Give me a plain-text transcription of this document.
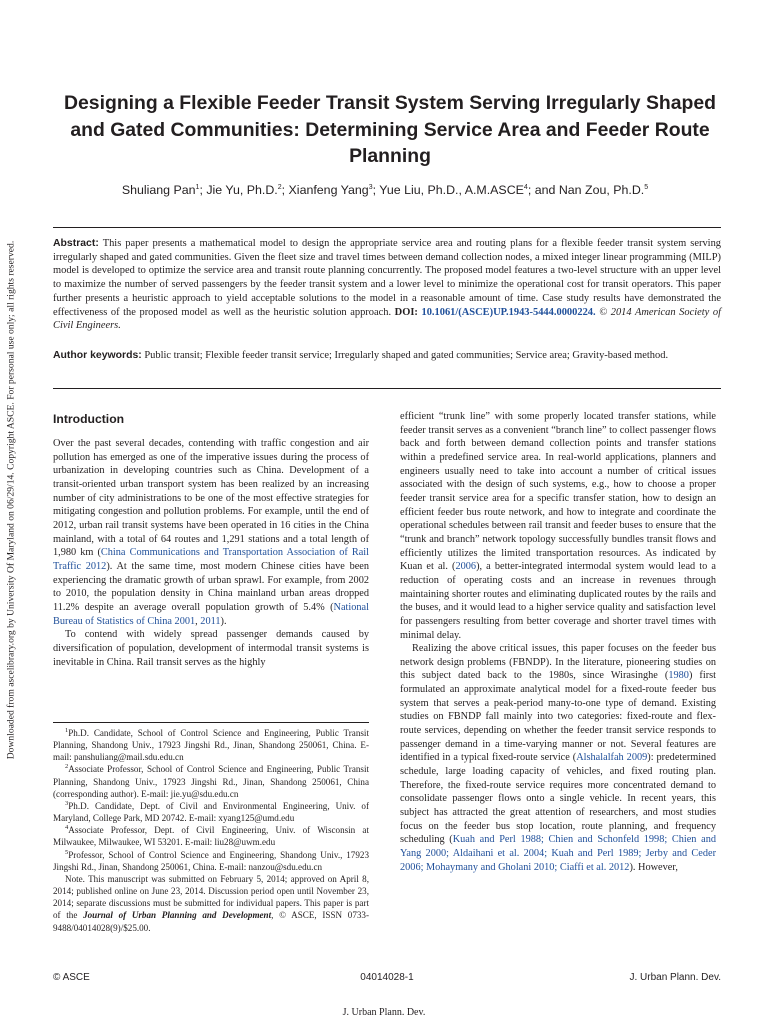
Downloaded from ascelibrary.org by University Of Maryland on 06/29/14. Copyright ASCE. For personal use only; all rights reserved.
Designing a Flexible Feeder Transit System Serving Irregularly Shaped and Gated Communities: Determining Service Area and Feeder Route Planning

Shuliang Pan$^1$; Jie Yu, Ph.D.$^2$; Xianfeng Yang$^3$; Yue Liu, Ph.D., A.M.ASCE$^4$; and Nan Zou, Ph.D.$^5$

Abstract: This paper presents a mathematical model to design the appropriate service area and routing plans for a flexible feeder transit system serving irregularly shaped and gated communities. Given the fleet size and travel times between demand collection nodes, a mixed integer linear programming (MILP) model is developed to optimize the service area and transit route planning concurrently. The proposed model features a two-level structure with an upper level to maximize the number of served passengers by the feeder transit system and a lower level to minimize the operational cost for transit operators. This paper further presents a heuristic approach to yield acceptable solutions to the model in a reasonable amount of time. Case study results have demonstrated the effectiveness of the proposed model as well as the heuristic solution approach. DOI: 10.1061/(ASCE)UP.1943-5444.0000224. © 2014 American Society of Civil Engineers.

Author keywords: Public transit; Flexible feeder transit service; Irregularly shaped and gated communities; Service area; Gravity-based method.

Introduction

Over the past several decades, contending with traffic congestion and air pollution has emerged as one of the imperative issues during the process of urbanization in developing countries such as China. Development of a transit-oriented urban transport system has been realized by an increasing number of city administrations to be one of the most effective strategies for mitigating congestion and pollution problems. For example, until the end of 2012, urban rail transit systems have been operated in 16 cities in the China mainland, with a total of 64 routes and 1,291 stations and a total length of 1,980 km (China Communications and Transportation Association of Rail Traffic 2012). At the same time, most modern Chinese cities have been experiencing the dramatic growth of urban sprawl. For example, from 2002 to 2010, the population density in China mainland urban areas dropped 11.2% despite an average overall population growth of 5.4% (National Bureau of Statistics of China 2001, 2011).

To contend with widely spread passenger demands caused by diversification of population, development of intermodal transit systems is inevitable in China. Rail transit serves as the highly

$^1$Ph.D. Candidate, School of Control Science and Engineering, Public Transit Planning, Shandong Univ., 17923 Jingshi Rd., Jinan, Shandong 250061, China. E-mail: panshuliang@mail.sdu.edu.cn

$^2$Associate Professor, School of Control Science and Engineering, Public Transit Planning, Shandong Univ., 17923 Jingshi Rd., Jinan, Shandong 250061, China (corresponding author). E-mail: jie.yu@sdu.edu.cn

$^3$Ph.D. Candidate, Dept. of Civil and Environmental Engineering, Univ. of Maryland, College Park, MD 20742. E-mail: xyang125@umd.edu

$^4$Associate Professor, Dept. of Civil Engineering, Univ. of Wisconsin at Milwaukee, Milwaukee, WI 53201. E-mail: liu28@uwm.edu

$^5$Professor, School of Control Science and Engineering, Shandong Univ., 17923 Jingshi Rd., Jinan, Shandong 250061, China. E-mail: nanzou@sdu.edu.cn

Note. This manuscript was submitted on February 5, 2014; approved on April 8, 2014; published online on June 23, 2014. Discussion period open until November 23, 2014; separate discussions must be submitted for individual papers. This paper is part of the Journal of Urban Planning and Development, © ASCE, ISSN 0733-9488/04014028(9)/$25.00.

efficient “trunk line” with some properly located transfer stations, while feeder transit serves as a convenient “branch line” to collect passenger flows back and forth between demand collection points and transfer stations within a predefined service area. In real-world applications, planners and engineers usually need to take into account a number of critical issues associated with the design of such systems, e.g., how to choose a proper feeder transit service area for a specific transfer station, how to design an efficient feeder bus route network, and how to integrate and coordinate the operational schedules between rail transit and feeder buses to ensure that the “trunk and branch” network topology successfully bundles transit flows and efficiently utilizes the limited transportation resources. As indicated by Kuan et al. (2006), a better-integrated intermodal system would lead to a reduction of operating costs and an increase in revenues through maintaining shorter routes and eliminating duplicated routes by the rails and the buses, and it would lead to a higher service quality and satisfaction level for passengers resulting from better coverage and shorter travel times with minimal delay.

Realizing the above critical issues, this paper focuses on the feeder bus network design problems (FBNDP). In the literature, pioneering studies on this subject dated back to the 1980s, since Wirasinghe (1980) first formulated an approximate analytical model for a fixed-route feeder bus system that serves a peak-period many-to-one type of demand. Existing studies on FBNDP fall mainly into two categories: fixed-route and flex-route services, depending on whether the feeder transit service responds to passenger demand in a time-varying manner or not. Several features are identified in a typical fixed-route service (Alshalalfah 2009): predetermined schedule, large loading capacity of vehicles, and fixed routing plan. Therefore, the fixed-route service requires more concentrated demand to consolidate passenger flows onto a single vehicle. In recent years, this subject has attracted the great attention of researchers, and most studies focus on the feeder bus stop location, route planning, and frequency scheduling (Kuah and Perl 1988; Chien and Schonfeld 1998; Chien and Yang 2000; Aldaihani et al. 2004; Kuah and Perl 1989; Jerby and Ceder 2006; Mohaymany and Gholani 2010; Ciaffi et al. 2012). However,

© ASCE	04014028-1	J. Urban Plann. Dev.
J. Urban Plann. Dev.
